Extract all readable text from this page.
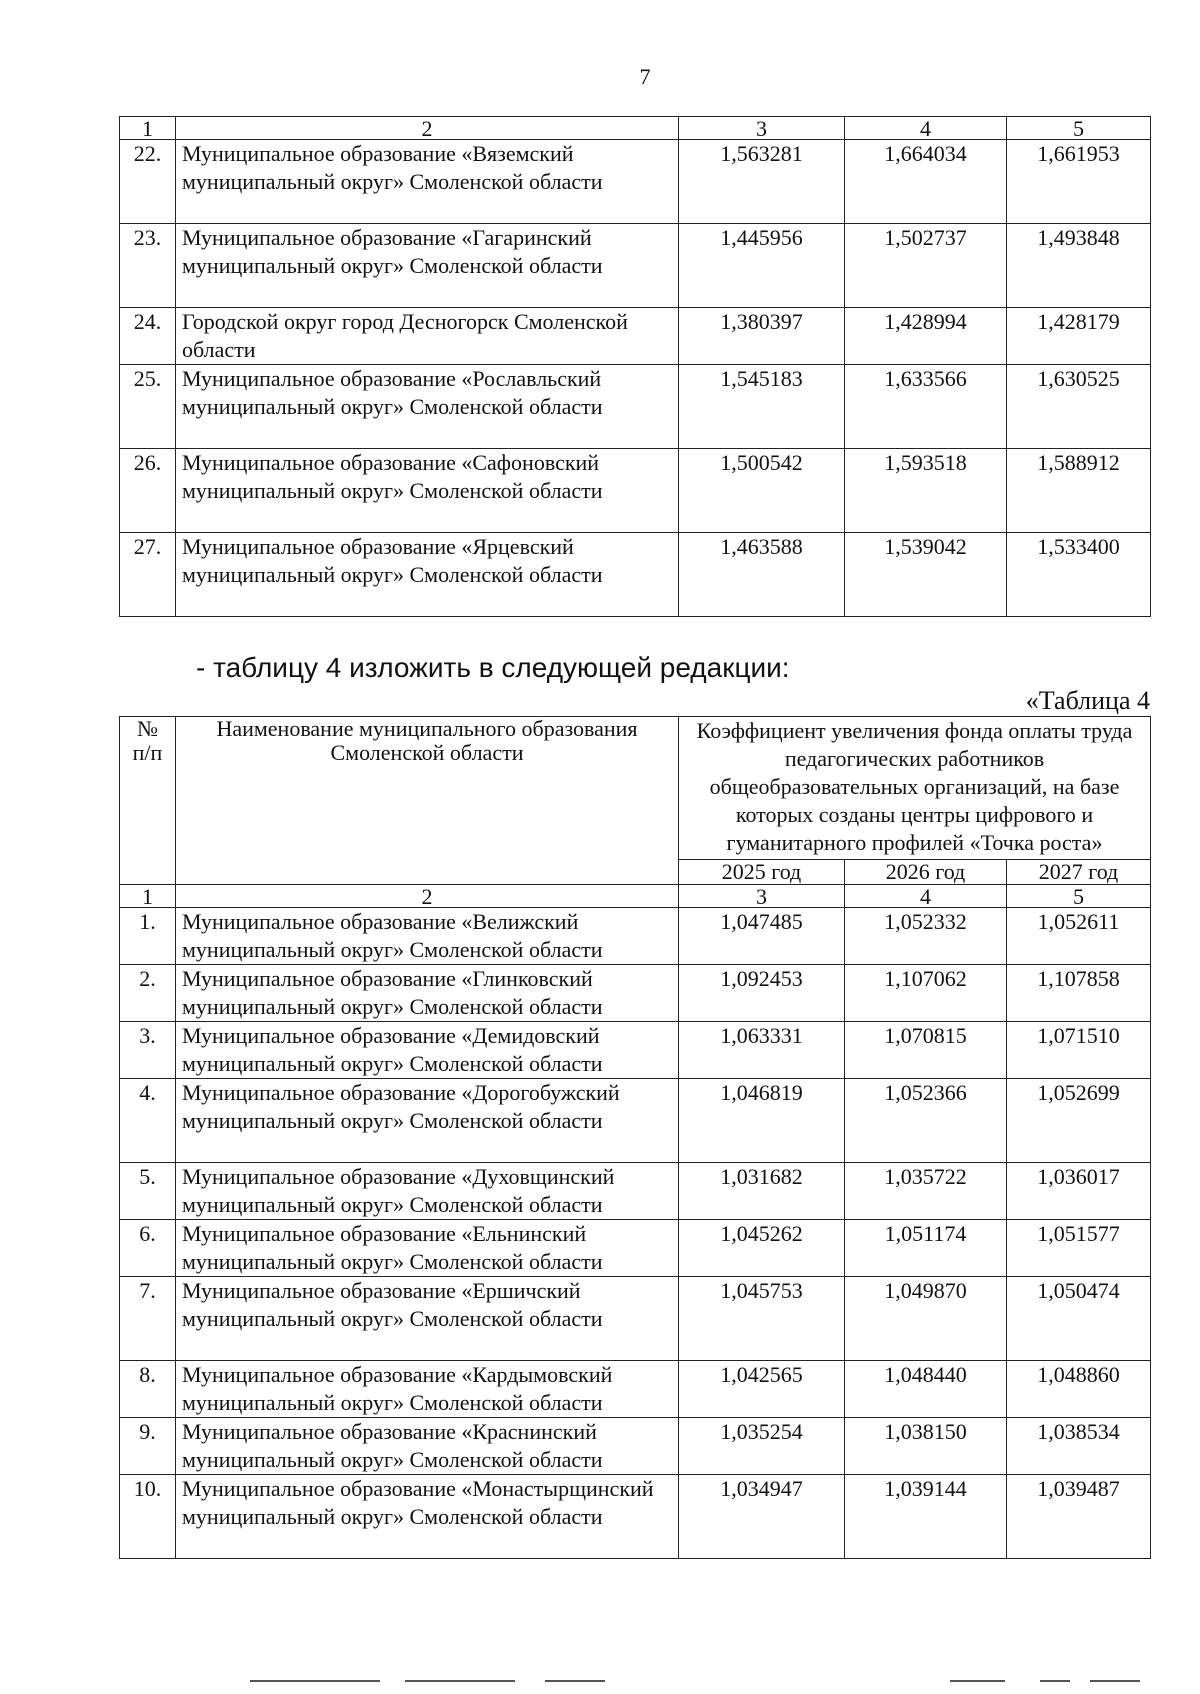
7
1	2	3	4	5
22.	Муниципальное образование «Вяземский муниципальный округ» Смоленской области	1,563281	1,664034	1,661953
23.	Муниципальное образование «Гагаринский муниципальный округ» Смоленской области	1,445956	1,502737	1,493848
24.	Городской округ город Десногорск Смоленской области	1,380397	1,428994	1,428179
25.	Муниципальное образование «Рославльский муниципальный округ» Смоленской области	1,545183	1,633566	1,630525
26.	Муниципальное образование «Сафоновский муниципальный округ» Смоленской области	1,500542	1,593518	1,588912
27.	Муниципальное образование «Ярцевский муниципальный округ» Смоленской области	1,463588	1,539042	1,533400
- таблицу 4 изложить в следующей редакции:
«Таблица 4
№ п/п	Наименование муниципального образования Смоленской области	Коэффициент увеличения фонда оплаты труда педагогических работников общеобразовательных организаций, на базе которых созданы центры цифрового и гуманитарного профилей «Точка роста»		
		2025 год	2026 год	2027 год
1	2	3	4	5
1.	Муниципальное образование «Велижский муниципальный округ» Смоленской области	1,047485	1,052332	1,052611
2.	Муниципальное образование «Глинковский муниципальный округ» Смоленской области	1,092453	1,107062	1,107858
3.	Муниципальное образование «Демидовский муниципальный округ» Смоленской области	1,063331	1,070815	1,071510
4.	Муниципальное образование «Дорогобужский муниципальный округ» Смоленской области	1,046819	1,052366	1,052699
5.	Муниципальное образование «Духовщинский муниципальный округ» Смоленской области	1,031682	1,035722	1,036017
6.	Муниципальное образование «Ельнинский муниципальный округ» Смоленской области	1,045262	1,051174	1,051577
7.	Муниципальное образование «Ершичский муниципальный округ» Смоленской области	1,045753	1,049870	1,050474
8.	Муниципальное образование «Кардымовский муниципальный округ» Смоленской области	1,042565	1,048440	1,048860
9.	Муниципальное образование «Краснинский муниципальный округ» Смоленской области	1,035254	1,038150	1,038534
10.	Муниципальное образование «Монастырщинский муниципальный округ» Смоленской области	1,034947	1,039144	1,039487
